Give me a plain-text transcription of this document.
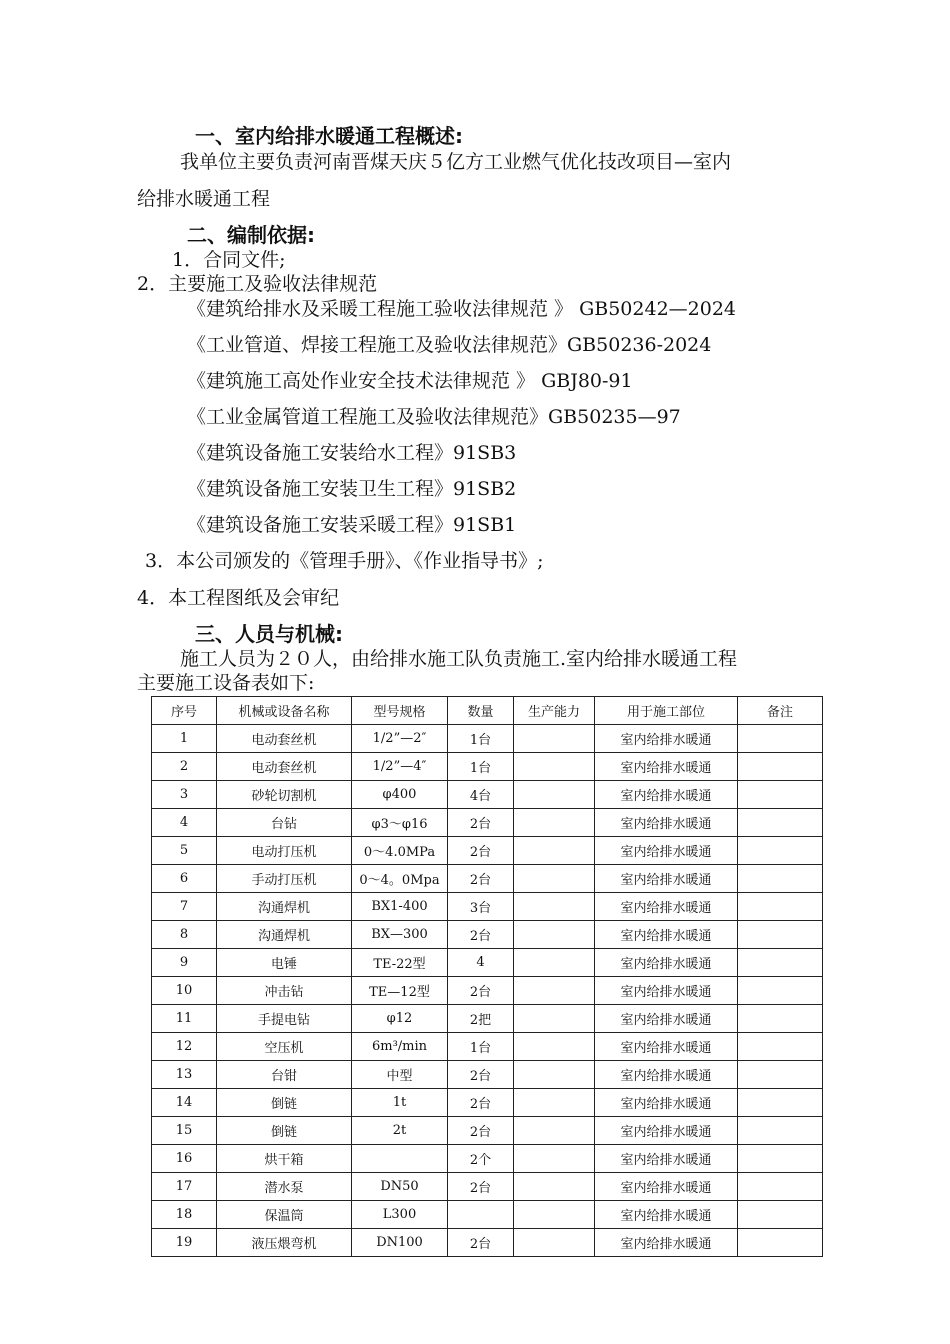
一、室内给排水暖通工程概述:
我单位主要负责河南晋煤天庆５亿方工业燃气优化技改项目—室内
给排水暖通工程
二、编制依据:
1．合同文件;
2．主要施工及验收法律规范
《建筑给排水及采暖工程施工验收法律规范 》 GB50242—2024
《工业管道、焊接工程施工及验收法律规范》GB50236-2024
《建筑施工高处作业安全技术法律规范 》 GBJ80-91
《工业金属管道工程施工及验收法律规范》GB50235—97
《建筑设备施工安装给水工程》91SB3
《建筑设备施工安装卫生工程》91SB2
《建筑设备施工安装采暖工程》91SB1
3．本公司颁发的《管理手册》、《作业指导书》;
4．本工程图纸及会审纪
三、人员与机械:
施工人员为２０人，由给排水施工队负责施工.室内给排水暖通工程
主要施工设备表如下:
序号	机械或设备名称	型号规格	数量	生产能力	用于施工部位	备注
1	电动套丝机	1/2”—2″	1台		室内给排水暖通	
2	电动套丝机	1/2”—4″	1台		室内给排水暖通	
3	砂轮切割机	φ400	4台		室内给排水暖通	
4	台钻	φ3～φ16	2台		室内给排水暖通	
5	电动打压机	0～4.0MPa	2台		室内给排水暖通	
6	手动打压机	0～4。0Mpa	2台		室内给排水暖通	
7	沟通焊机	BX1-400	3台		室内给排水暖通	
8	沟通焊机	BX—300	2台		室内给排水暖通	
9	电锤	TE-22型	4		室内给排水暖通	
10	冲击钻	TE—12型	2台		室内给排水暖通	
11	手提电钻	φ12	2把		室内给排水暖通	
12	空压机	6m³/min	1台		室内给排水暖通	
13	台钳	中型	2台		室内给排水暖通	
14	倒链	1t	2台		室内给排水暖通	
15	倒链	2t	2台		室内给排水暖通	
16	烘干箱		2个		室内给排水暖通	
17	潜水泵	DN50	2台		室内给排水暖通	
18	保温筒	L300			室内给排水暖通	
19	液压煨弯机	DN100	2台		室内给排水暖通	
